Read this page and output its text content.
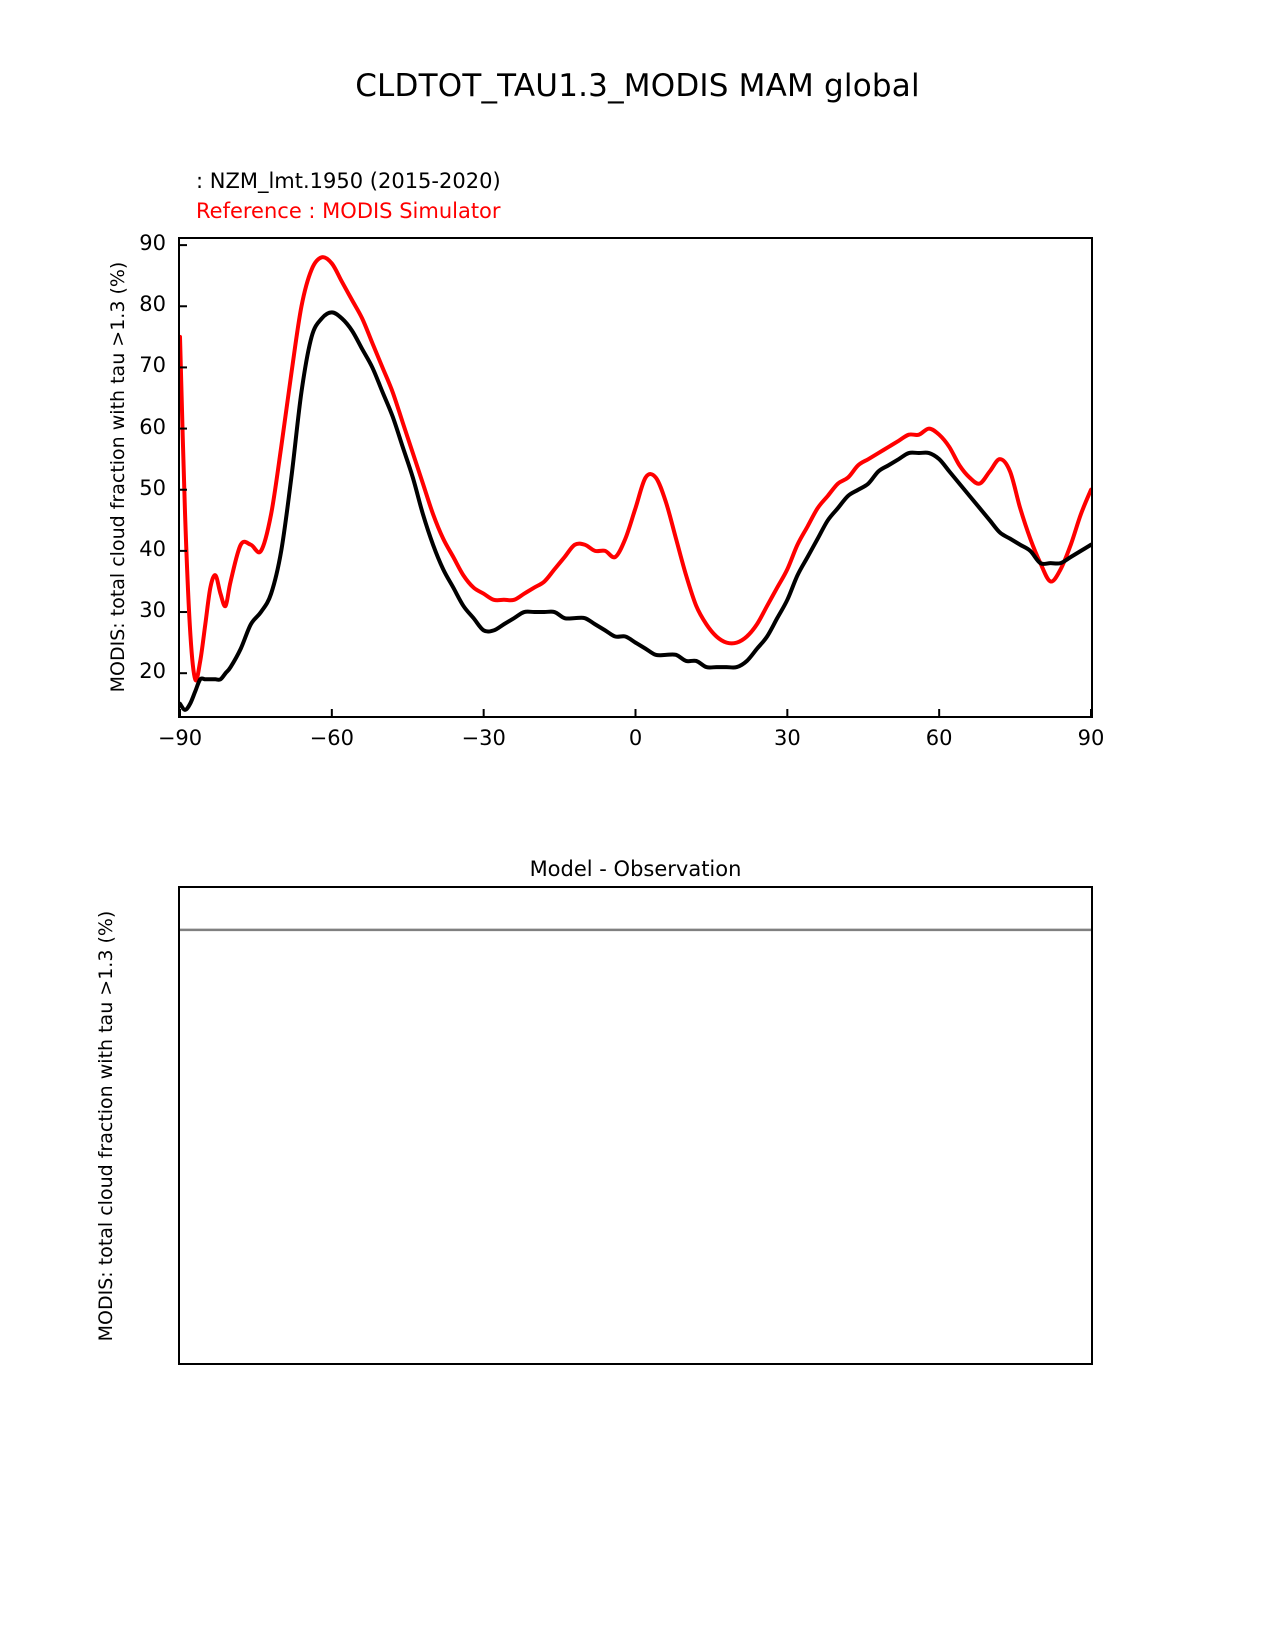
CLDTOT_TAU1.3_MODIS MAM global
: NZM_lmt.1950 (2015-2020)
Reference : MODIS Simulator
MODIS: total cloud fraction with tau >1.3 (%)
−90	−60	−30	0	30	60	90
20
30
40
50
60
70
80
90
Model - Observation
MODIS: total cloud fraction with tau >1.3 (%)
